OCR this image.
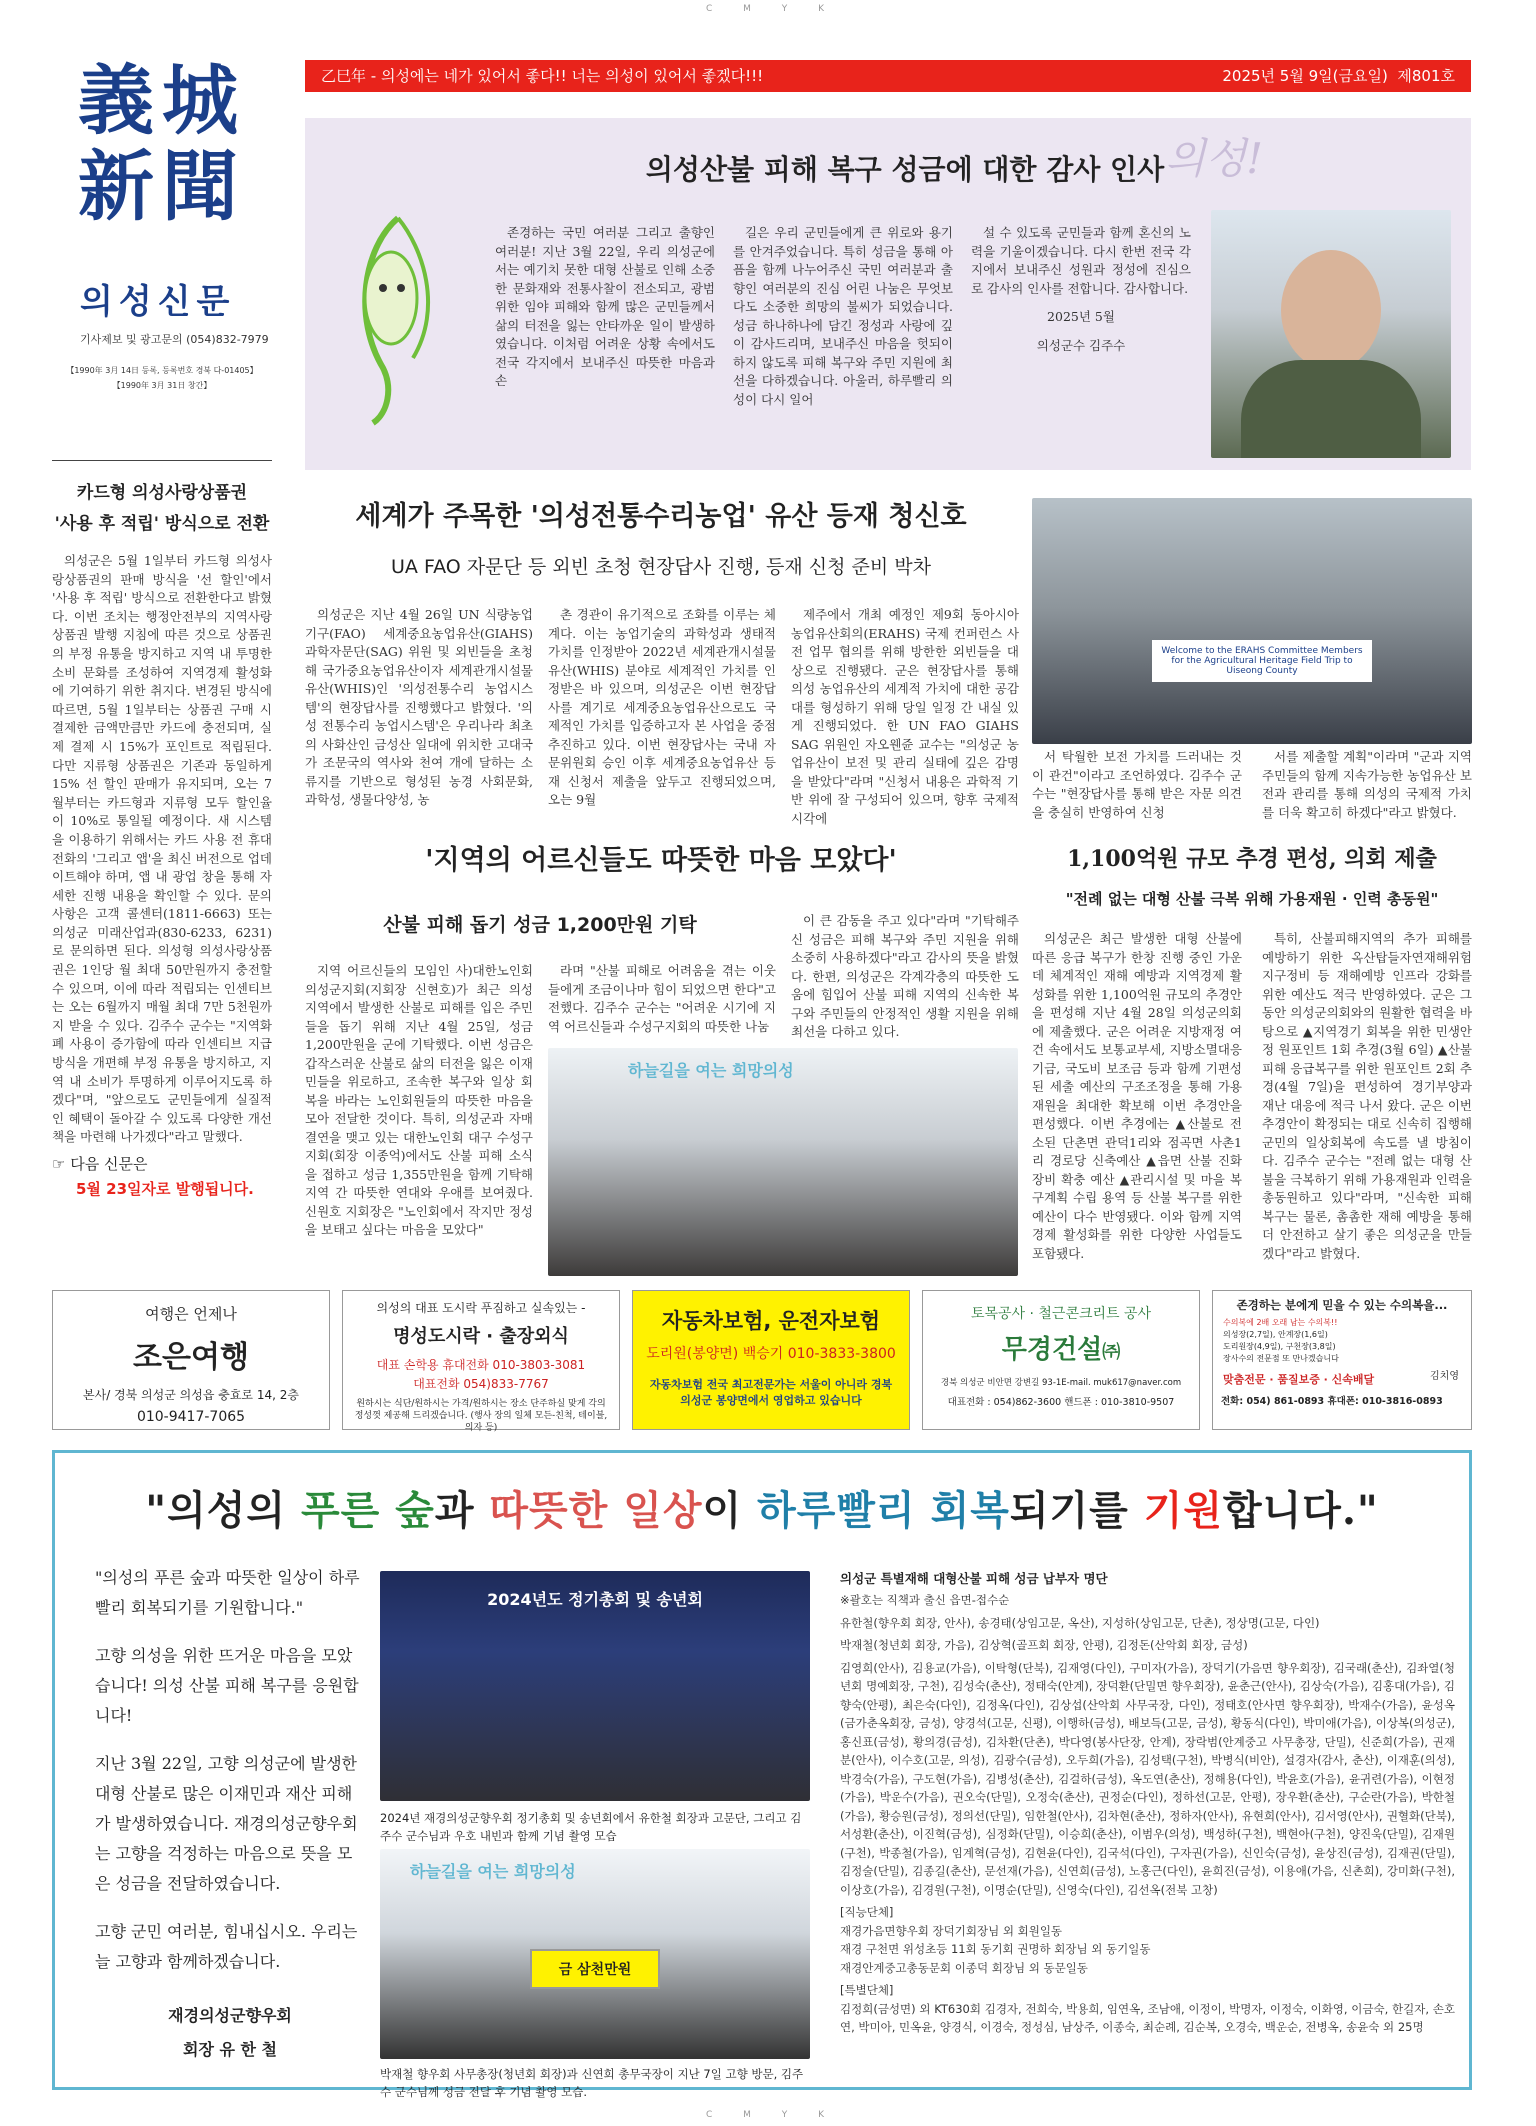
C M Y K
C M Y K
義 城
新 聞
의성신문
기사제보 및 광고문의 (054)832-7979
【1990年 3月 14日 등록, 등록번호 경북 다-01405】
【1990年 3月 31日 창간】
乙巳年 - 의성에는 네가 있어서 좋다!! 너는 의성이 있어서 좋겠다!!!	2025년 5월 9일(금요일) 제801호
의성산불 피해 복구 성금에 대한 감사 인사 의성!

존경하는 국민 여러분 그리고 출향인 여러분! 지난 3월 22일, 우리 의성군에서는 예기치 못한 대형 산불로 인해 소중한 문화재와 전통사찰이 전소되고, 광범위한 임야 피해와 함께 많은 군민들께서 삶의 터전을 잃는 안타까운 일이 발생하였습니다. 이처럼 어려운 상황 속에서도 전국 각지에서 보내주신 따뜻한 마음과 손

길은 우리 군민들에게 큰 위로와 용기를 안겨주었습니다. 특히 성금을 통해 아픔을 함께 나누어주신 국민 여러분과 출향인 여러분의 진심 어린 나눔은 무엇보다도 소중한 희망의 불씨가 되었습니다. 성금 하나하나에 담긴 정성과 사랑에 깊이 감사드리며, 보내주신 마음을 헛되이 하지 않도록 피해 복구와 주민 지원에 최선을 다하겠습니다. 아울러, 하루빨리 의성이 다시 일어

설 수 있도록 군민들과 함께 혼신의 노력을 기울이겠습니다. 다시 한번 전국 각지에서 보내주신 성원과 정성에 진심으로 감사의 인사를 전합니다. 감사합니다.

2025년 5월

의성군수 김주수

카드형 의성사랑상품권
'사용 후 적립' 방식으로 전환

의성군은 5월 1일부터 카드형 의성사랑상품권의 판매 방식을 '선 할인'에서 '사용 후 적립' 방식으로 전환한다고 밝혔다. 이번 조치는 행정안전부의 지역사랑상품권 발행 지침에 따른 것으로 상품권의 부정 유통을 방지하고 지역 내 투명한 소비 문화를 조성하여 지역경제 활성화에 기여하기 위한 취지다. 변경된 방식에 따르면, 5월 1일부터는 상품권 구매 시 결제한 금액만큼만 카드에 충전되며, 실제 결제 시 15%가 포인트로 적립된다. 다만 지류형 상품권은 기존과 동일하게 15% 선 할인 판매가 유지되며, 오는 7월부터는 카드형과 지류형 모두 할인율이 10%로 통일될 예정이다. 새 시스템을 이용하기 위해서는 카드 사용 전 휴대전화의 '그리고 앱'을 최신 버전으로 업데이트해야 하며, 앱 내 광업 창을 통해 자세한 진행 내용을 확인할 수 있다. 문의사항은 고객 콜센터(1811-6663) 또는 의성군 미래산업과(830-6233, 6231)로 문의하면 된다. 의성형 의성사랑상품권은 1인당 월 최대 50만원까지 충전할 수 있으며, 이에 따라 적립되는 인센티브는 오는 6월까지 매월 최대 7만 5천원까지 받을 수 있다. 김주수 군수는 "지역화폐 사용이 증가함에 따라 인센티브 지급 방식을 개편해 부정 유통을 방지하고, 지역 내 소비가 투명하게 이루어지도록 하겠다"며, "앞으로도 군민들에게 실질적인 혜택이 돌아갈 수 있도록 다양한 개선책을 마련해 나가겠다"라고 말했다.

☞ 다음 신문은
5월 23일자로 발행됩니다.
세계가 주목한 '의성전통수리농업' 유산 등재 청신호
UA FAO 자문단 등 외빈 초청 현장답사 진행, 등재 신청 준비 박차

의성군은 지난 4월 26일 UN 식량농업기구(FAO) 세계중요농업유산(GIAHS) 과학자문단(SAG) 위원 및 외빈들을 초청해 국가중요농업유산이자 세계관개시설물유산(WHIS)인 '의성전통수리 농업시스템'의 현장답사를 진행했다고 밝혔다. '의성 전통수리 농업시스템'은 우리나라 최초의 사화산인 금성산 일대에 위치한 고대국가 조문국의 역사와 천여 개에 달하는 소류지를 기반으로 형성된 농경 사회문화, 과학성, 생물다양성, 농

촌 경관이 유기적으로 조화를 이루는 체계다. 이는 농업기술의 과학성과 생태적 가치를 인정받아 2022년 세계관개시설물유산(WHIS) 분야로 세계적인 가치를 인정받은 바 있으며, 의성군은 이번 현장답사를 계기로 세계중요농업유산으로도 국제적인 가치를 입증하고자 본 사업을 중점 추진하고 있다. 이번 현장답사는 국내 자문위원회 승인 이후 세계중요농업유산 등재 신청서 제출을 앞두고 진행되었으며, 오는 9월

제주에서 개최 예정인 제9회 동아시아농업유산회의(ERAHS) 국제 컨퍼런스 사전 업무 협의를 위해 방한한 외빈들을 대상으로 진행됐다. 군은 현장답사를 통해 의성 농업유산의 세계적 가치에 대한 공감대를 형성하기 위해 당일 일정 간 내실 있게 진행되었다. 한 UN FAO GIAHS SAG 위원인 자오웬쥰 교수는 "의성군 농업유산이 보전 및 관리 실태에 깊은 감명을 받았다"라며 "신청서 내용은 과학적 기반 위에 잘 구성되어 있으며, 향후 국제적 시각에

Welcome to the ERAHS Committee Members for the Agricultural Heritage Field Trip to Uiseong County

서 탁월한 보전 가치를 드러내는 것이 관건"이라고 조언하였다. 김주수 군수는 "현장답사를 통해 받은 자문 의견을 충실히 반영하여 신청

서를 제출할 계획"이라며 "군과 지역주민들의 함께 지속가능한 농업유산 보전과 관리를 통해 의성의 국제적 가치를 더욱 확고히 하겠다"라고 밝혔다.

'지역의 어르신들도 따뜻한 마음 모았다'
산불 피해 돕기 성금 1,200만원 기탁

지역 어르신들의 모임인 사)대한노인회 의성군지회(지회장 신현호)가 최근 의성 지역에서 발생한 산불로 피해를 입은 주민들을 돕기 위해 지난 4월 25일, 성금 1,200만원을 군에 기탁했다. 이번 성금은 갑작스러운 산불로 삶의 터전을 잃은 이재민들을 위로하고, 조속한 복구와 일상 회복을 바라는 노인회원들의 따뜻한 마음을 모아 전달한 것이다. 특히, 의성군과 자매결연을 맺고 있는 대한노인회 대구 수성구지회(회장 이종억)에서도 산불 피해 소식을 접하고 성금 1,355만원을 함께 기탁해 지역 간 따뜻한 연대와 우애를 보여줬다. 신원호 지회장은 "노인회에서 작지만 정성을 보태고 싶다는 마음을 모았다"

라며 "산불 피해로 어려움을 겪는 이웃들에게 조금이나마 힘이 되었으면 한다"고 전했다. 김주수 군수는 "어려운 시기에 지역 어르신들과 수성구지회의 따뜻한 나눔

이 큰 감동을 주고 있다"라며 "기탁해주신 성금은 피해 복구와 주민 지원을 위해 소중히 사용하겠다"라고 감사의 뜻을 밝혔다. 한편, 의성군은 각계각층의 따뜻한 도움에 힘입어 산불 피해 지역의 신속한 복구와 주민들의 안정적인 생활 지원을 위해 최선을 다하고 있다.

하늘길을 여는 희망의성
1,100억원 규모 추경 편성, 의회 제출
"전례 없는 대형 산불 극복 위해 가용재원 · 인력 총동원"

의성군은 최근 발생한 대형 산불에 따른 응급 복구가 한창 진행 중인 가운데 체계적인 재해 예방과 지역경제 활성화를 위한 1,100억원 규모의 추경안을 편성해 지난 4월 28일 의성군의회에 제출했다. 군은 어려운 지방재정 여건 속에서도 보통교부세, 지방소멸대응기금, 국도비 보조금 등과 함께 기편성된 세출 예산의 구조조정을 통해 가용 재원을 최대한 확보해 이번 추경안을 편성했다. 이번 추경에는 ▲산불로 전소된 단촌면 관덕1리와 점곡면 사촌1리 경로당 신축예산 ▲읍면 산불 진화장비 확충 예산 ▲관리시설 및 마을 복구계획 수립 용역 등 산불 복구를 위한 예산이 다수 반영됐다. 이와 함께 지역경제 활성화를 위한 다양한 사업들도 포함됐다.

특히, 산불피해지역의 추가 피해를 예방하기 위한 옥산탑들자연재해위험지구정비 등 재해예방 인프라 강화를 위한 예산도 적극 반영하였다. 군은 그동안 의성군의회와의 원활한 협력을 바탕으로 ▲지역경기 회복을 위한 민생안정 원포인트 1회 추경(3월 6일) ▲산불피해 응급복구를 위한 원포인트 2회 추경(4월 7일)을 편성하여 경기부양과 재난 대응에 적극 나서 왔다. 군은 이번 추경안이 확정되는 대로 신속히 집행해 군민의 일상회복에 속도를 낼 방침이다. 김주수 군수는 "전례 없는 대형 산불을 극복하기 위해 가용재원과 인력을 총동원하고 있다"라며, "신속한 피해 복구는 물론, 촘촘한 재해 예방을 통해 더 안전하고 살기 좋은 의성군을 만들겠다"라고 밝혔다.

여행은 언제나
조은여행
본사/ 경북 의성군 의성읍 충효로 14, 2층
010-9417-7065
의성의 대표 도시락 푸짐하고 실속있는 -
명성도시락 · 출장외식
대표 손학용 휴대전화 010-3803-3081
대표전화 054)833-7767
원하시는 식단/원하시는 가격/원하시는 장소 단주하실 맞게 각의 정성껏 제공해 드리겠습니다. (행사 장의 일체 모든-친척, 테이블, 의자 등)
자동차보험, 운전자보험
도리원(봉양면) 백승기 010-3833-3800
자동차보험 전국 최고전문가는 서울이 아니라 경북 의성군 봉양면에서 영업하고 있습니다
토목공사 · 철근콘크리트 공사
무경건설㈜
경북 의성군 비안면 강변길 93-1E-mail. muk617@naver.com
대표전화 : 054)862-3600 핸드폰 : 010-3810-9507
존경하는 분에게 믿을 수 있는 수의복을...
수의복에 2배 오래 남는 수의복!!
의성장(2,7일), 안계장(1,6일)
도리원장(4,9일), 구천장(3,8일)
장사수의 전문점 또 만나겠습니다
맞춤전문 · 품질보증 · 신속배달	김치영
전화: 054) 861-0893 휴대폰: 010-3816-0893
"의성의 푸른 숲과 따뜻한 일상이 하루빨리 회복되기를 기원합니다."
"의성의 푸른 숲과 따뜻한 일상이 하루빨리 회복되기를 기원합니다."
고향 의성을 위한 뜨거운 마음을 모았습니다! 의성 산불 피해 복구를 응원합니다!
지난 3월 22일, 고향 의성군에 발생한 대형 산불로 많은 이재민과 재산 피해가 발생하였습니다. 재경의성군향우회는 고향을 걱정하는 마음으로 뜻을 모은 성금을 전달하였습니다.
고향 군민 여러분, 힘내십시오. 우리는 늘 고향과 함께하겠습니다.
재경의성군향우회
회장 유 한 철
2024년도 정기총회 및 송년회
2024년 재경의성군향우회 정기총회 및 송년회에서 유한철 회장과 고문단, 그리고 김주수 군수님과 우호 내빈과 함께 기념 촬영 모습
하늘길을 여는 희망의성
금 삼천만원
박재철 향우회 사무총장(청년회 회장)과 신연희 총무국장이 지난 7일 고향 방문, 김주수 군수님께 성금 전달 후 기념 촬영 모습.
의성군 특별재해 대형산불 피해 성금 납부자 명단

※괄호는 직책과 출신 읍면-접수순

유한철(향우회 회장, 안사), 송경태(상임고문, 옥산), 지성하(상임고문, 단촌), 정상명(고문, 다인)

박재철(청년회 회장, 가음), 김상혁(골프회 회장, 안평), 김정돈(산악회 회장, 금성)

김영희(안사), 김용교(가음), 이탁형(단북), 김재영(다인), 구미자(가음), 장덕기(가음면 향우회장), 김국래(춘산), 김좌열(청년회 명예회장, 구천), 김성숙(춘산), 정태숙(안계), 장덕환(단밀면 향우회장), 윤춘근(안사), 김상숙(가음), 김홍대(가음), 김향숙(안평), 최은숙(다인), 김정옥(다인), 김상섭(산악회 사무국장, 다인), 정태호(안사면 향우회장), 박재수(가음), 윤성옥(금가춘옥회장, 금성), 양경석(고문, 신평), 이행하(금성), 배보득(고문, 금성), 황동식(다인), 박미애(가음), 이상복(의성군), 홍신표(금성), 황의경(금성), 김차환(단촌), 박다영(봉사단장, 안계), 장락범(안계중고 사무총장, 단밀), 신준희(가음), 권재분(안사), 이수호(고문, 의성), 김광수(금성), 오두희(가음), 김성택(구천), 박병식(비안), 설경자(감사, 춘산), 이재훈(의성), 박경숙(가음), 구도현(가음), 김병성(춘산), 김걸하(금성), 옥도연(춘산), 정해용(다인), 박윤호(가음), 윤귀련(가음), 이현정(가음), 박운수(가음), 권오숙(단밀), 오정숙(춘산), 권정순(다인), 정하선(고문, 안평), 장우환(춘산), 구순란(가음), 박한철(가음), 황승원(금성), 정의선(단밀), 임한철(안사), 김차현(춘산), 정하자(안사), 유현희(안사), 김서영(안사), 권혈화(단북), 서성환(춘산), 이진혁(금성), 심정화(단밀), 이승희(춘산), 이범우(의성), 백성하(구천), 백현아(구천), 양진욱(단밀), 김재원(구천), 박종철(가음), 임계혁(금성), 김현윤(다인), 김국석(다인), 구자권(가음), 신인숙(금성), 윤상진(금성), 김재권(단밀), 김정술(단밀), 김종길(춘산), 문선재(가음), 신연희(금성), 노홍근(다인), 윤희진(금성), 이용애(가음, 신촌희), 강미화(구천), 이상호(가음), 김경원(구천), 이명순(단밀), 신영숙(다인), 김선옥(전북 고창)

[직능단체]

재경가음면향우회 장덕기회장님 외 회원일동

재경 구천면 위성초등 11회 동기회 권명하 회장님 외 동기일동

재경안계중고총동문회 이종덕 회장님 외 동문일동

[특별단체]

김정희(금성면) 외 KT630회 김경자, 전희숙, 박용희, 임연옥, 조남애, 이정이, 박명자, 이정숙, 이화영, 이금숙, 한길자, 손호연, 박미아, 민옥윤, 양경식, 이경숙, 정성심, 남상주, 이종숙, 최순례, 김순복, 오경숙, 백운순, 전병옥, 송윤숙 외 25명
